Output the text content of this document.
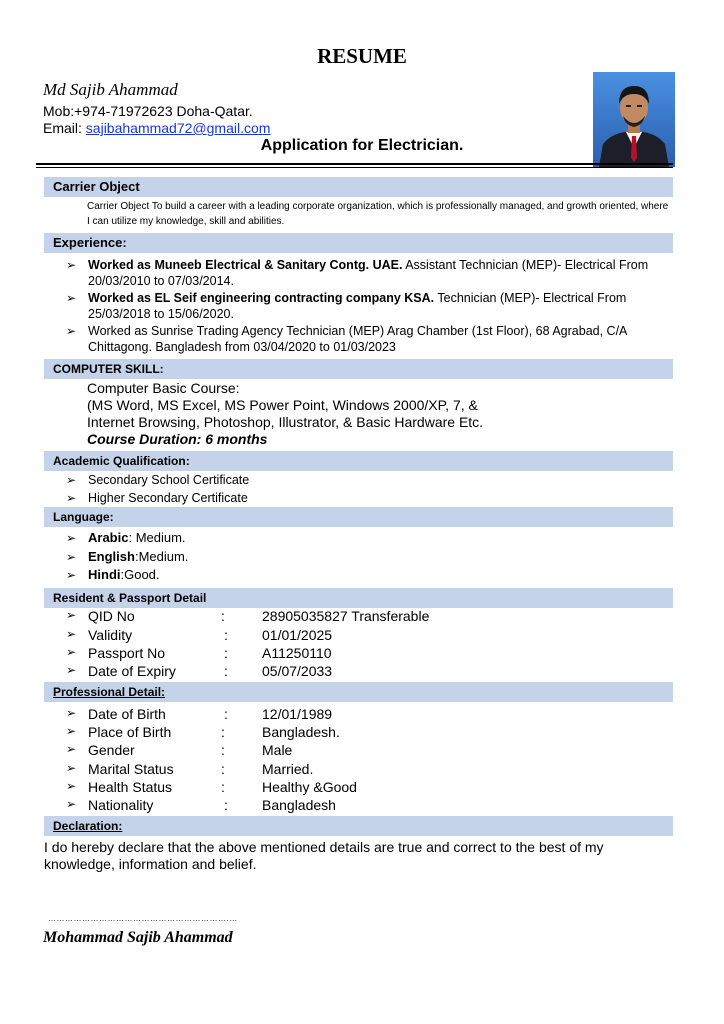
RESUME
Md Sajib Ahammad
Mob:+974-71972623 Doha-Qatar.
Email: sajibahammad72@gmail.com
Application for Electrician.
Carrier Object
Carrier Object To build a career with a leading corporate organization, which is professionally managed, and growth oriented, where I can utilize my knowledge, skill and abilities.
Experience:
➢ Worked as Muneeb Electrical & Sanitary Contg. UAE. Assistant Technician (MEP)- Electrical From 20/03/2010 to 07/03/2014.
➢ Worked as EL Seif engineering contracting company KSA. Technician (MEP)- Electrical From 25/03/2018 to 15/06/2020.
➢ Worked as Sunrise Trading Agency Technician (MEP) Arag Chamber (1st Floor), 68 Agrabad, C/A Chittagong. Bangladesh from 03/04/2020 to 01/03/2023
COMPUTER SKILL:
Computer Basic Course:
(MS Word, MS Excel, MS Power Point, Windows 2000/XP, 7, &
Internet Browsing, Photoshop, Illustrator, & Basic Hardware Etc.
Course Duration: 6 months
Academic Qualification:
➢ Secondary School Certificate
➢ Higher Secondary Certificate
Language:
➢ Arabic: Medium.
➢ English:Medium.
➢ Hindi:Good.
Resident & Passport Detail
➢ QID No	:	28905035827 Transferable
➢ Validity	: 01/01/2025
➢ Passport No	: A11250110
➢ Date of Expiry	: 05/07/2033
Professional Detail:
➢ Date of Birth	: 12/01/1989
➢ Place of Birth	:	Bangladesh.
➢ Gender	:	Male
➢ Marital Status	:	Married.
➢ Health Status	:	Healthy &Good
➢ Nationality	: Bangladesh
Declaration:
I do hereby declare that the above mentioned details are true and correct to the best of my knowledge, information and belief.
……………………………………………………….…
Mohammad Sajib Ahammad
